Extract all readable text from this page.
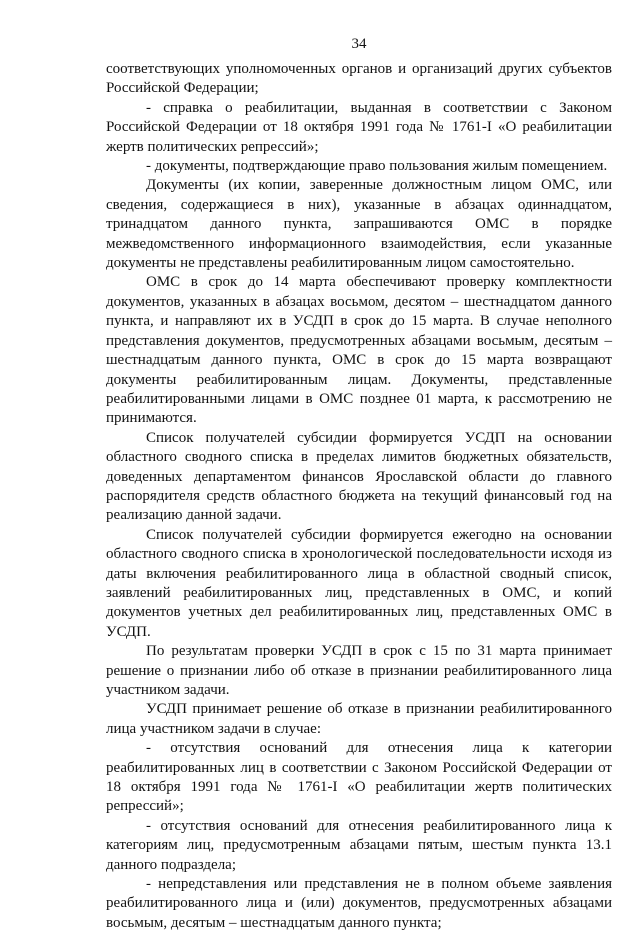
34

соответствующих уполномоченных органов и организаций других субъектов Российской Федерации;

- справка о реабилитации, выданная в соответствии с Законом Российской Федерации от 18 октября 1991 года № 1761-I «О реабилитации жертв политических репрессий»;

- документы, подтверждающие право пользования жилым помещением.

Документы (их копии, заверенные должностным лицом ОМС, или сведения, содержащиеся в них), указанные в абзацах одиннадцатом, тринадцатом данного пункта, запрашиваются ОМС в порядке межведомственного информационного взаимодействия, если указанные документы не представлены реабилитированным лицом самостоятельно.

ОМС в срок до 14 марта обеспечивают проверку комплектности документов, указанных в абзацах восьмом, десятом – шестнадцатом данного пункта, и направляют их в УСДП в срок до 15 марта. В случае неполного представления документов, предусмотренных абзацами восьмым, десятым – шестнадцатым данного пункта, ОМС в срок до 15 марта возвращают документы реабилитированным лицам. Документы, представленные реабилитированными лицами в ОМС позднее 01 марта, к рассмотрению не принимаются.

Список получателей субсидии формируется УСДП на основании областного сводного списка в пределах лимитов бюджетных обязательств, доведенных департаментом финансов Ярославской области до главного распорядителя средств областного бюджета на текущий финансовый год на реализацию данной задачи.

Список получателей субсидии формируется ежегодно на основании областного сводного списка в хронологической последовательности исходя из даты включения реабилитированного лица в областной сводный список, заявлений реабилитированных лиц, представленных в ОМС, и копий документов учетных дел реабилитированных лиц, представленных ОМС в УСДП.

По результатам проверки УСДП в срок с 15 по 31 марта принимает решение о признании либо об отказе в признании реабилитированного лица участником задачи.

УСДП принимает решение об отказе в признании реабилитированного лица участником задачи в случае:

- отсутствия оснований для отнесения лица к категории реабилитированных лиц в соответствии с Законом Российской Федерации от 18 октября 1991 года № 1761-I «О реабилитации жертв политических репрессий»;

- отсутствия оснований для отнесения реабилитированного лица к категориям лиц, предусмотренным абзацами пятым, шестым пункта 13.1 данного подраздела;

- непредставления или представления не в полном объеме заявления реабилитированного лица и (или) документов, предусмотренных абзацами восьмым, десятым – шестнадцатым данного пункта;
